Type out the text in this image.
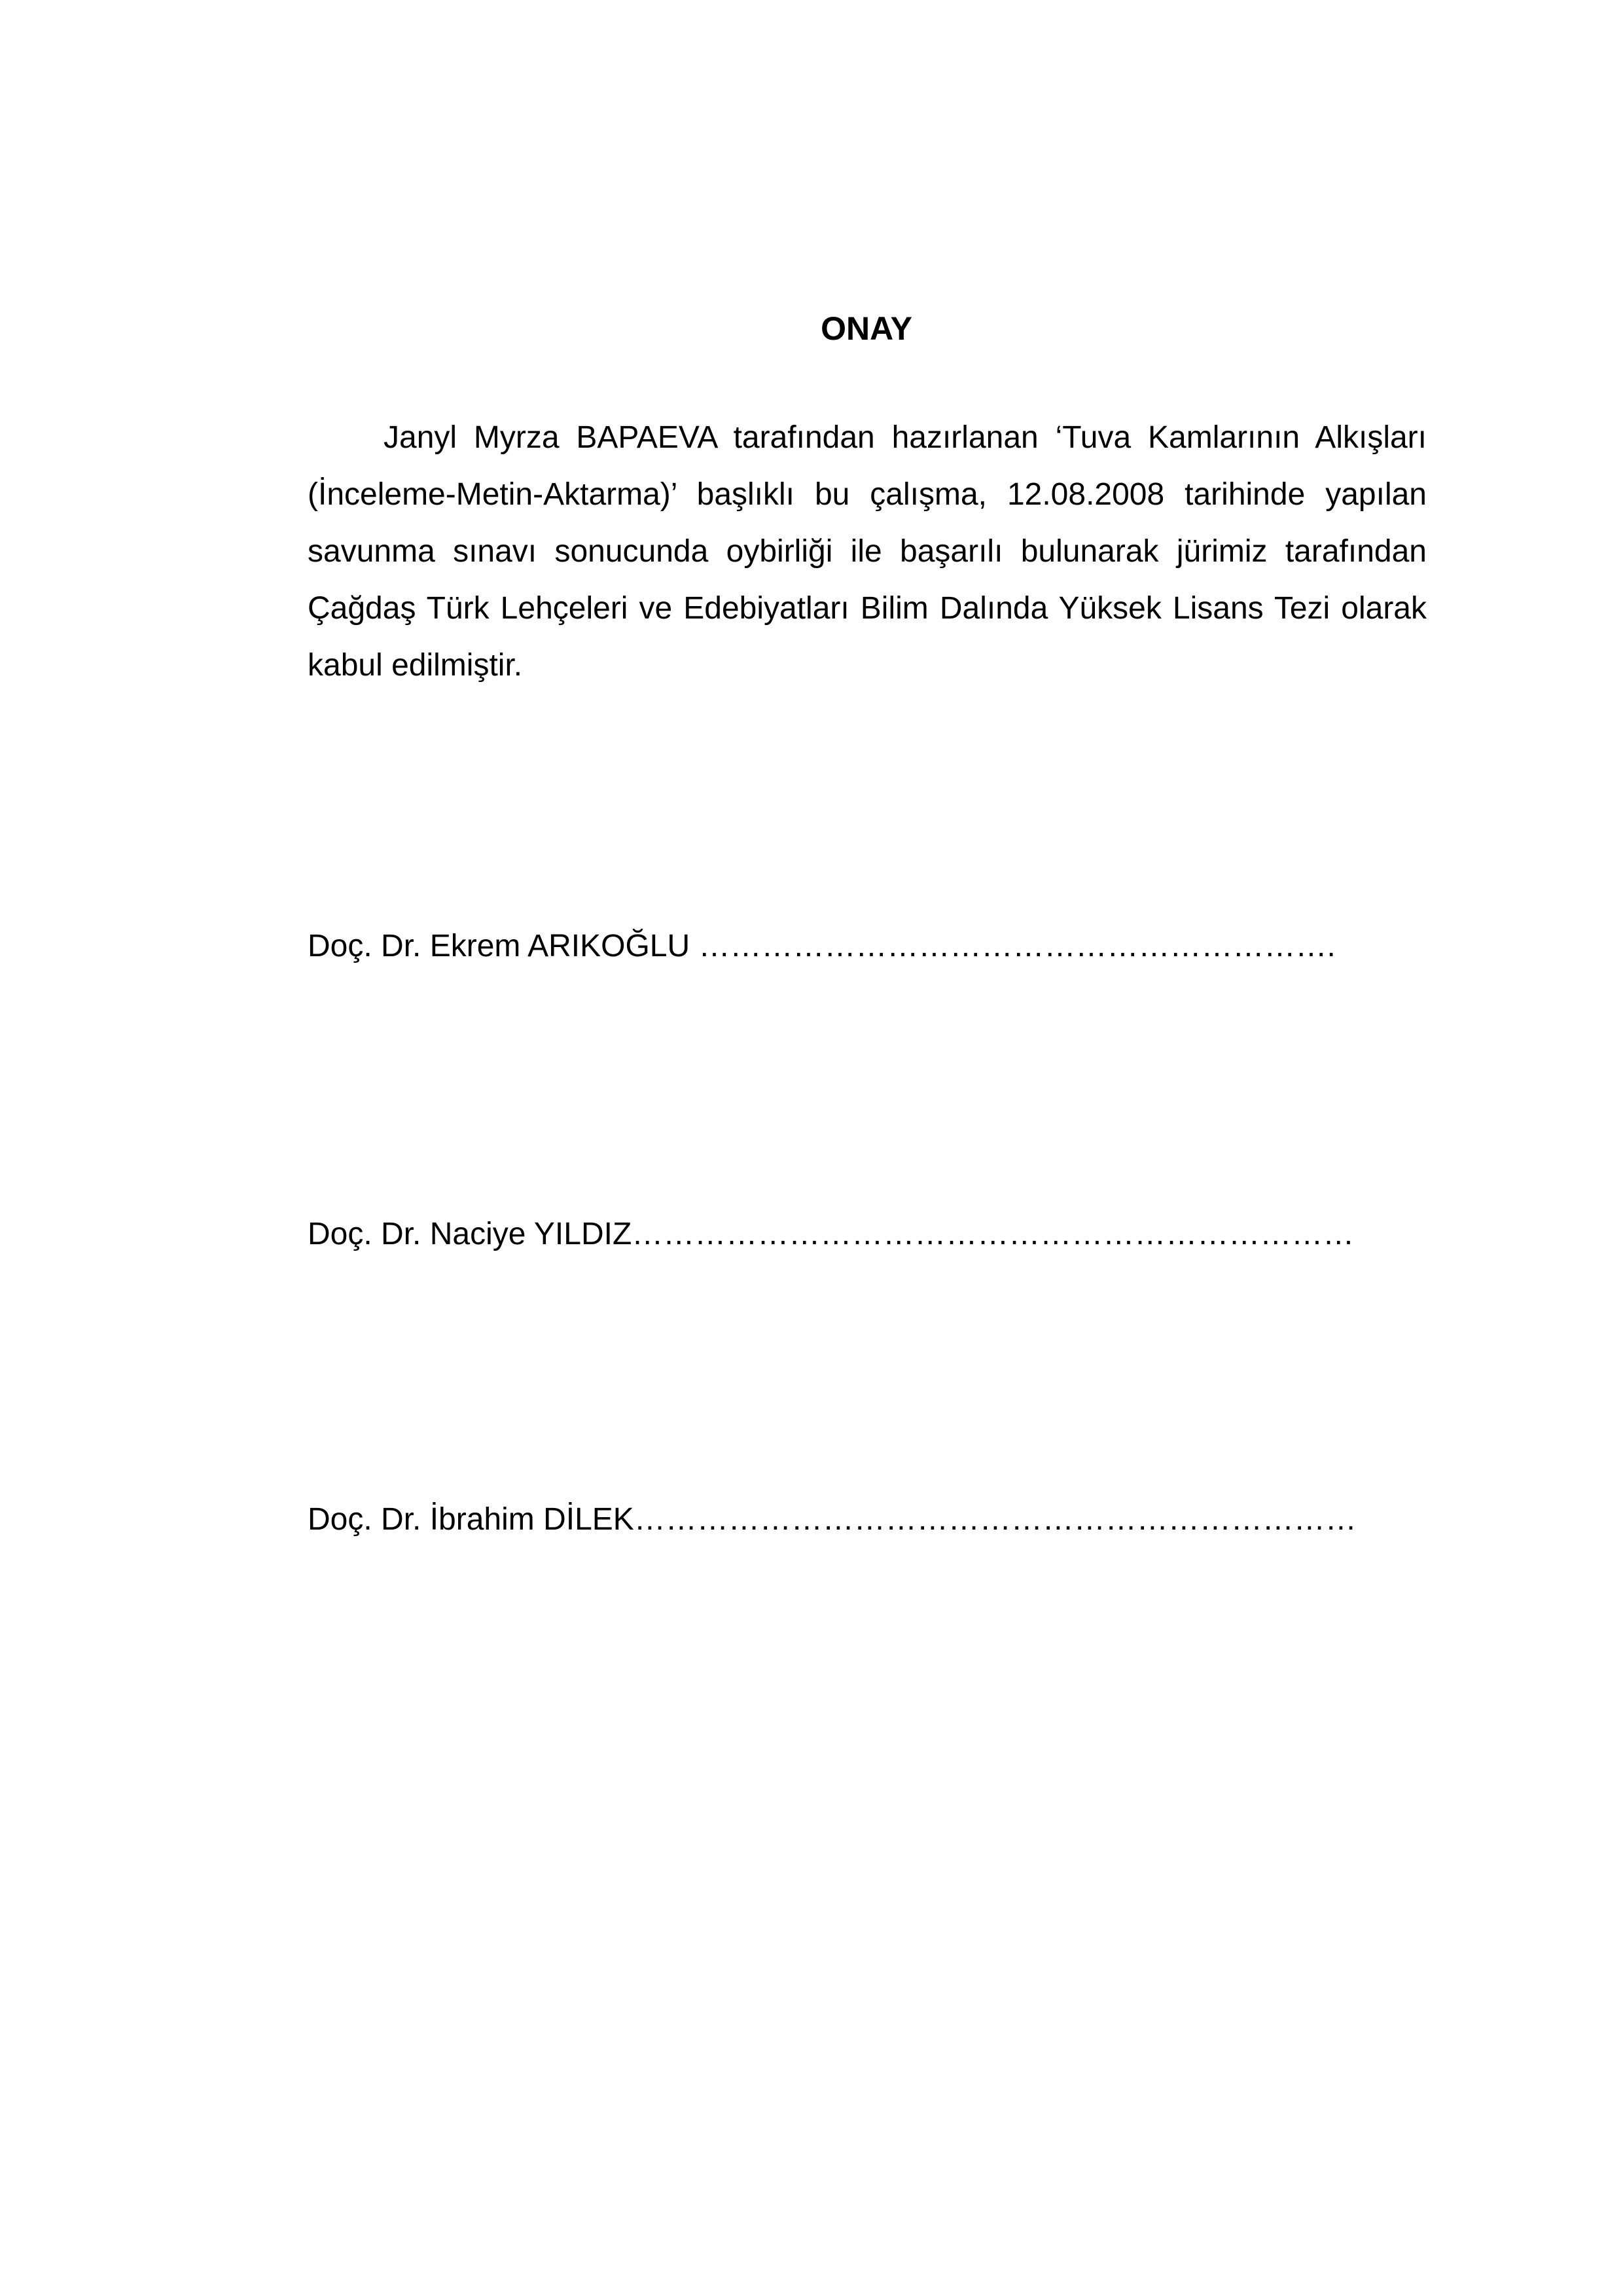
ONAY

Janyl Myrza BAPAEVA tarafından hazırlanan ‘Tuva Kamlarının Alkışları (İnceleme-Metin-Aktarma)’ başlıklı bu çalışma, 12.08.2008 tarihinde yapılan savunma sınavı sonucunda oybirliği ile başarılı bulunarak jürimiz tarafından Çağdaş Türk Lehçeleri ve Edebiyatları Bilim Dalında Yüksek Lisans Tezi olarak kabul edilmiştir.

Doç. Dr. Ekrem ARIKOĞLU …………………………………………………….

Doç. Dr. Naciye YILDIZ……………………………………………………………

Doç. Dr. İbrahim DİLEK……………………………………………………………
